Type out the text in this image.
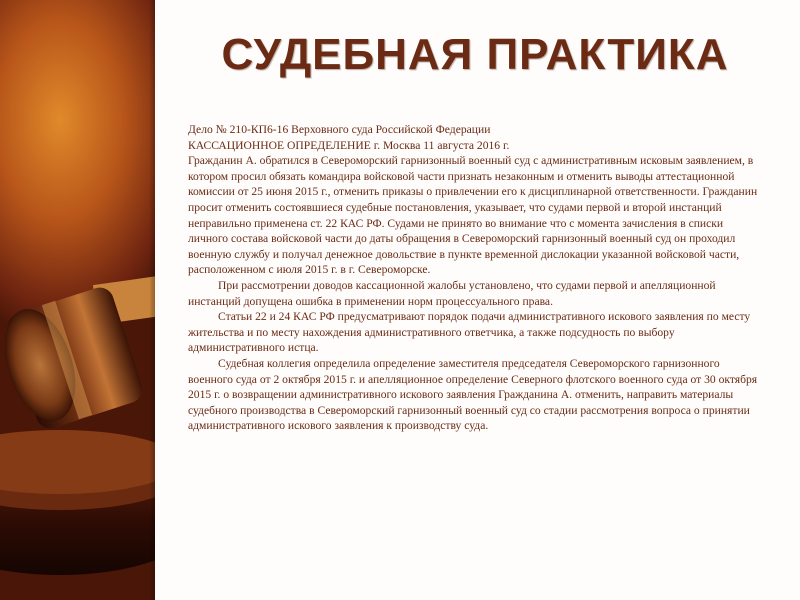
СУДЕБНАЯ ПРАКТИКА

Дело № 210-КП6-16 Верховного суда Российской Федерации

КАССАЦИОННОЕ ОПРЕДЕЛЕНИЕ г. Москва 11 августа 2016 г.

Гражданин А. обратился в Североморский гарнизонный военный суд с административным исковым заявлением, в котором просил обязать командира войсковой части признать незаконным и отменить выводы аттестационной комиссии от 25 июня 2015 г., отменить приказы о привлечении его к дисциплинарной ответственности. Гражданин просит отменить состоявшиеся судебные постановления, указывает, что судами первой и второй инстанций неправильно применена ст. 22 КАС РФ. Судами не принято во внимание что с момента зачисления в списки личного состава войсковой части до даты обращения в Североморский гарнизонный военный суд он проходил военную службу и получал денежное довольствие в пункте временной дислокации указанной войсковой части, расположенном с июля 2015 г. в г. Североморске.

При рассмотрении доводов кассационной жалобы установлено, что судами первой и апелляционной инстанций допущена ошибка в применении норм процессуального права.

Статьи 22 и 24 КАС РФ предусматривают порядок подачи административного искового заявления по месту жительства и по месту нахождения административного ответчика, а также подсудность по выбору административного истца.

Судебная коллегия определила определение заместителя председателя Североморского гарнизонного военного суда от 2 октября 2015 г. и апелляционное определение Северного флотского военного суда от 30 октября 2015 г. о возвращении административного искового заявления Гражданина А. отменить, направить материалы судебного производства в Североморский гарнизонный военный суд со стадии рассмотрения вопроса о принятии административного искового заявления к производству суда.
